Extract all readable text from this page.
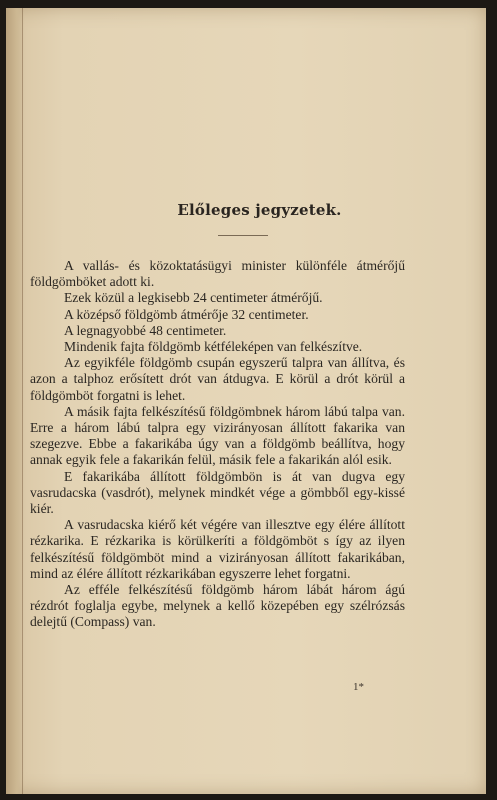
Előleges jegyzetek.

A vallás- és közoktatásügyi minister különféle átmérőjű földgömböket adott ki.

Ezek közül a legkisebb 24 centimeter átmérőjű.

A középső földgömb átmérője 32 centimeter.

A legnagyobbé 48 centimeter.

Mindenik fajta földgömb kétféleképen van felkészítve.

Az egyikféle földgömb csupán egyszerű talpra van állítva, és azon a talphoz erősített drót van átdugva. E körül a drót körül a földgömböt forgatni is lehet.

A másik fajta felkészítésű földgömbnek három lábú talpa van. Erre a három lábú talpra egy vizirányosan állított fakarika van szegezve. Ebbe a fakarikába úgy van a földgömb beállítva, hogy annak egyik fele a fakarikán felül, másik fele a fakarikán alól esik.

E fakarikába állított földgömbön is át van dugva egy vasrudacska (vasdrót), melynek mindkét vége a gömbből egy-kissé kiér.

A vasrudacska kiérő két végére van illesztve egy élére állított rézkarika. E rézkarika is körülkeríti a földgömböt s így az ilyen felkészítésű földgömböt mind a vizirányosan állított fakarikában, mind az élére állított rézkarikában egyszerre lehet forgatni.

Az efféle felkészítésű földgömb három lábát három ágú rézdrót foglalja egybe, melynek a kellő közepében egy szélrózsás delejtű (Compass) van.

1*
